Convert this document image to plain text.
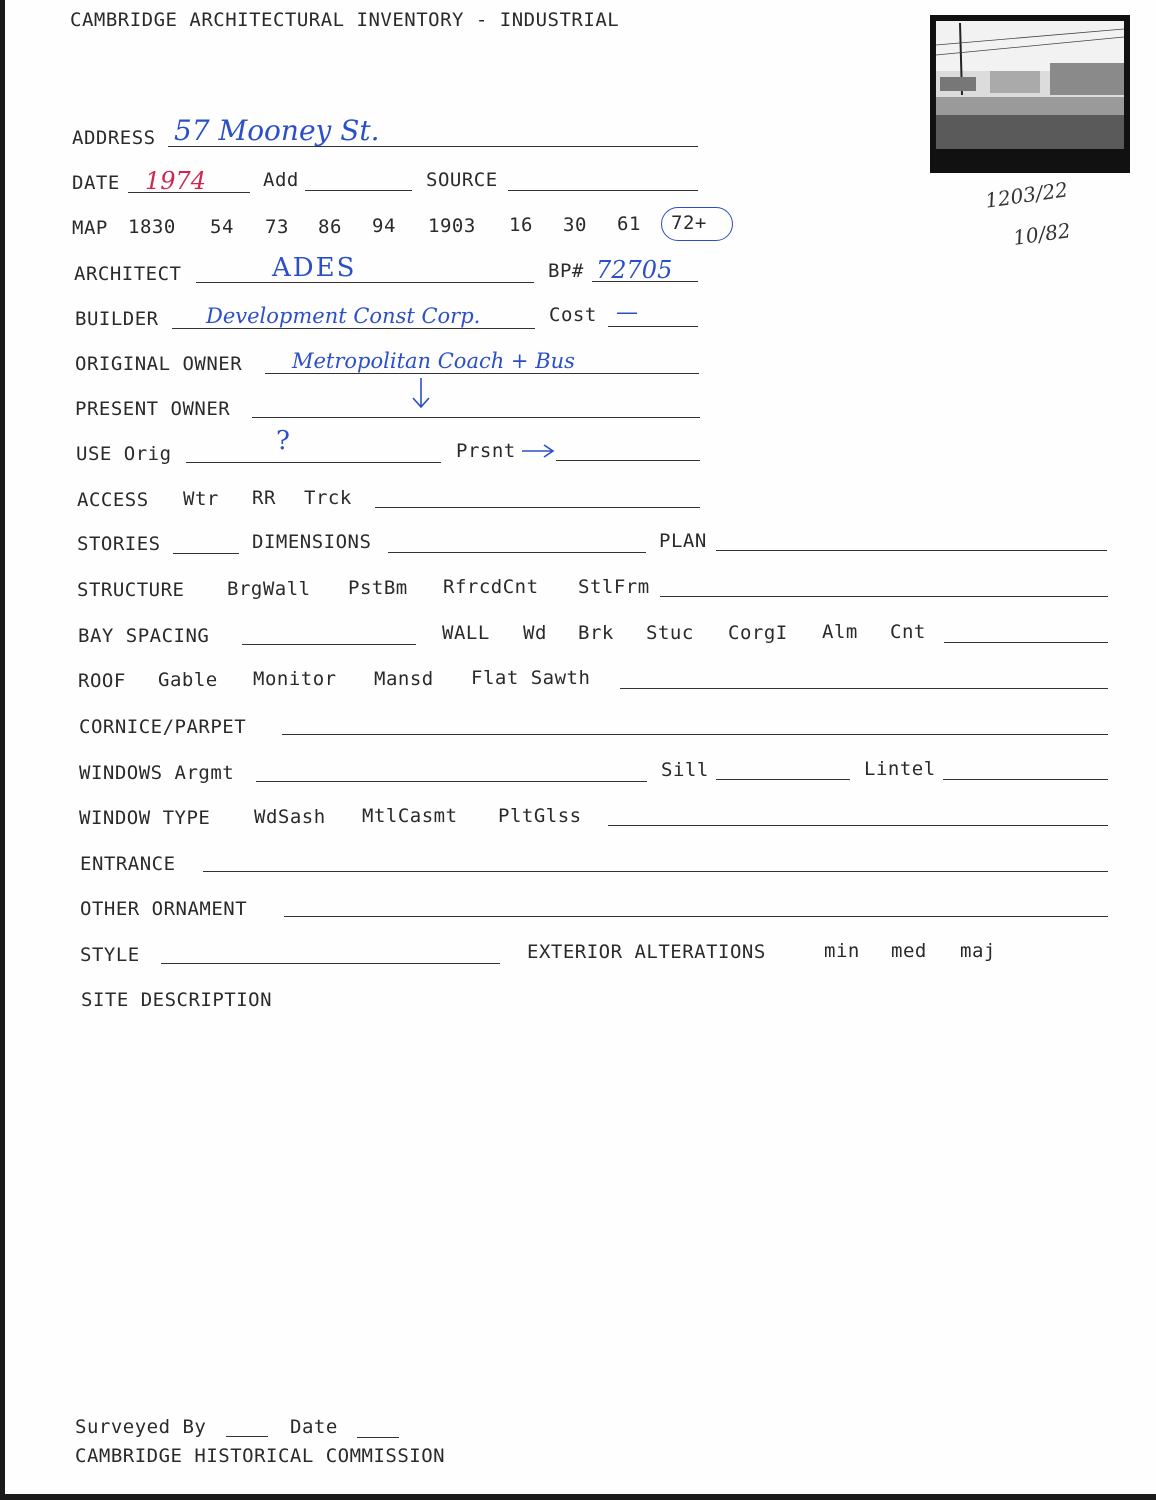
CAMBRIDGE ARCHITECTURAL INVENTORY - INDUSTRIAL
1203/22
10/82
ADDRESS 57 Mooney St.
DATE 1974	Add	SOURCE
MAP 1830 54 73 86 94 1903 16 30 61 72+
ARCHITECT	ADES	BP# 72705
BUILDER Development Const Corp.	Cost —
ORIGINAL OWNER Metropolitan Coach + Bus
PRESENT OWNER
USE Orig	?	Prsnt
ACCESS Wtr RR Trck
STORIES	DIMENSIONS	PLAN
STRUCTURE BrgWall PstBm RfrcdCnt StlFrm
BAY SPACING	WALL Wd Brk Stuc CorgI Alm Cnt
ROOF Gable Monitor Mansd Flat Sawth
CORNICE/PARPET
WINDOWS Argmt	Sill	Lintel
WINDOW TYPE WdSash MtlCasmt PltGlss
ENTRANCE
OTHER ORNAMENT
STYLE	EXTERIOR ALTERATIONS	min med maj
SITE DESCRIPTION
Surveyed By	Date
CAMBRIDGE HISTORICAL COMMISSION
